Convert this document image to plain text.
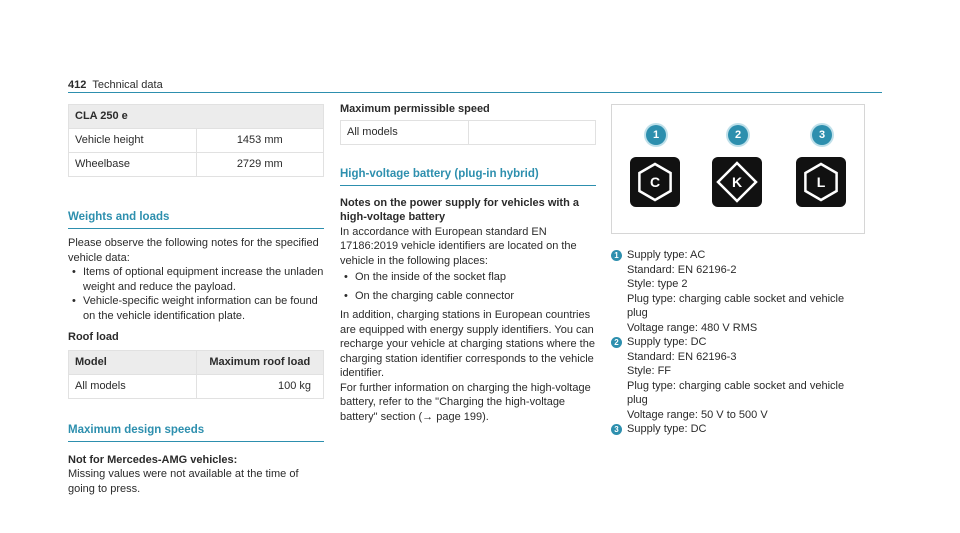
412 Technical data
CLA 250 e	
Vehicle height	1453 mm
Wheelbase	2729 mm
Weights and loads

Please observe the following notes for the specified vehicle data:

• Items of optional equipment increase the unladen weight and reduce the payload.
• Vehicle-specific weight information can be found on the vehicle identification plate.

Roof load

Model	Maximum roof load
All models	100 kg
Maximum design speeds

Not for Mercedes-AMG vehicles:

Missing values were not available at the time of going to press.

Maximum permissible speed

All models	
High-voltage battery (plug-in hybrid)

Notes on the power supply for vehicles with a high-voltage battery

In accordance with European standard EN 17186:2019 vehicle identifiers are located on the vehicle in the following places:

• On the inside of the socket flap
• On the charging cable connector

In addition, charging stations in European countries are equipped with energy supply identifiers. You can recharge your vehicle at charging stations where the charging station identifier corresponds to the vehicle identifier.

For further information on charging the high-voltage battery, refer to the "Charging the high-voltage battery" section (→ page 199).

1
C
2
K
3
L
1 Supply type: AC
Standard: EN 62196-2
Style: type 2
Plug type: charging cable socket and vehicle plug
Voltage range: 480 V RMS
2 Supply type: DC
Standard: EN 62196-3
Style: FF
Plug type: charging cable socket and vehicle plug
Voltage range: 50 V to 500 V
3 Supply type: DC
